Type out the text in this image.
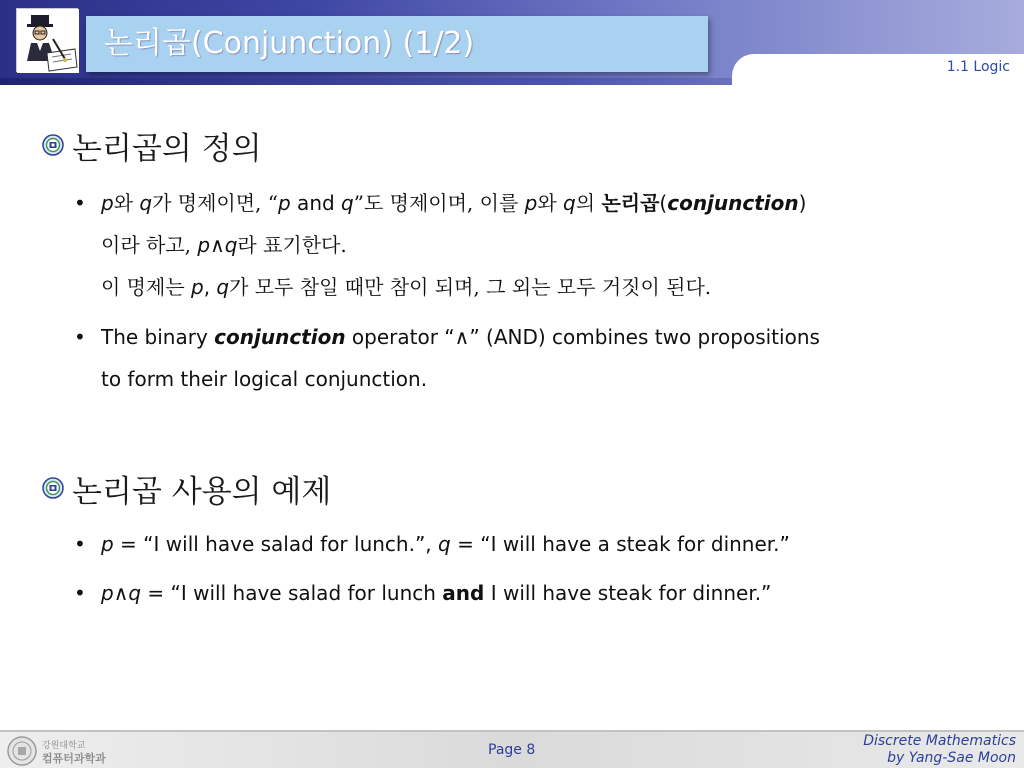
논리곱(Conjunction) (1/2)
1.1 Logic
논리곱의 정의
• p와 q가 명제이면, “p and q”도 명제이며, 이를 p와 q의 논리곱(conjunction)
이라 하고, p∧q라 표기한다.
이 명제는 p, q가 모두 참일 때만 참이 되며, 그 외는 모두 거짓이 된다.
• The binary conjunction operator “∧” (AND) combines two propositions
to form their logical conjunction.
논리곱 사용의 예제
• p = “I will have salad for lunch.”, q = “I will have a steak for dinner.”
• p∧q = “I will have salad for lunch and I will have steak for dinner.”
강원대학교
컴퓨터과학과
Page 8
Discrete Mathematics
by Yang-Sae Moon
